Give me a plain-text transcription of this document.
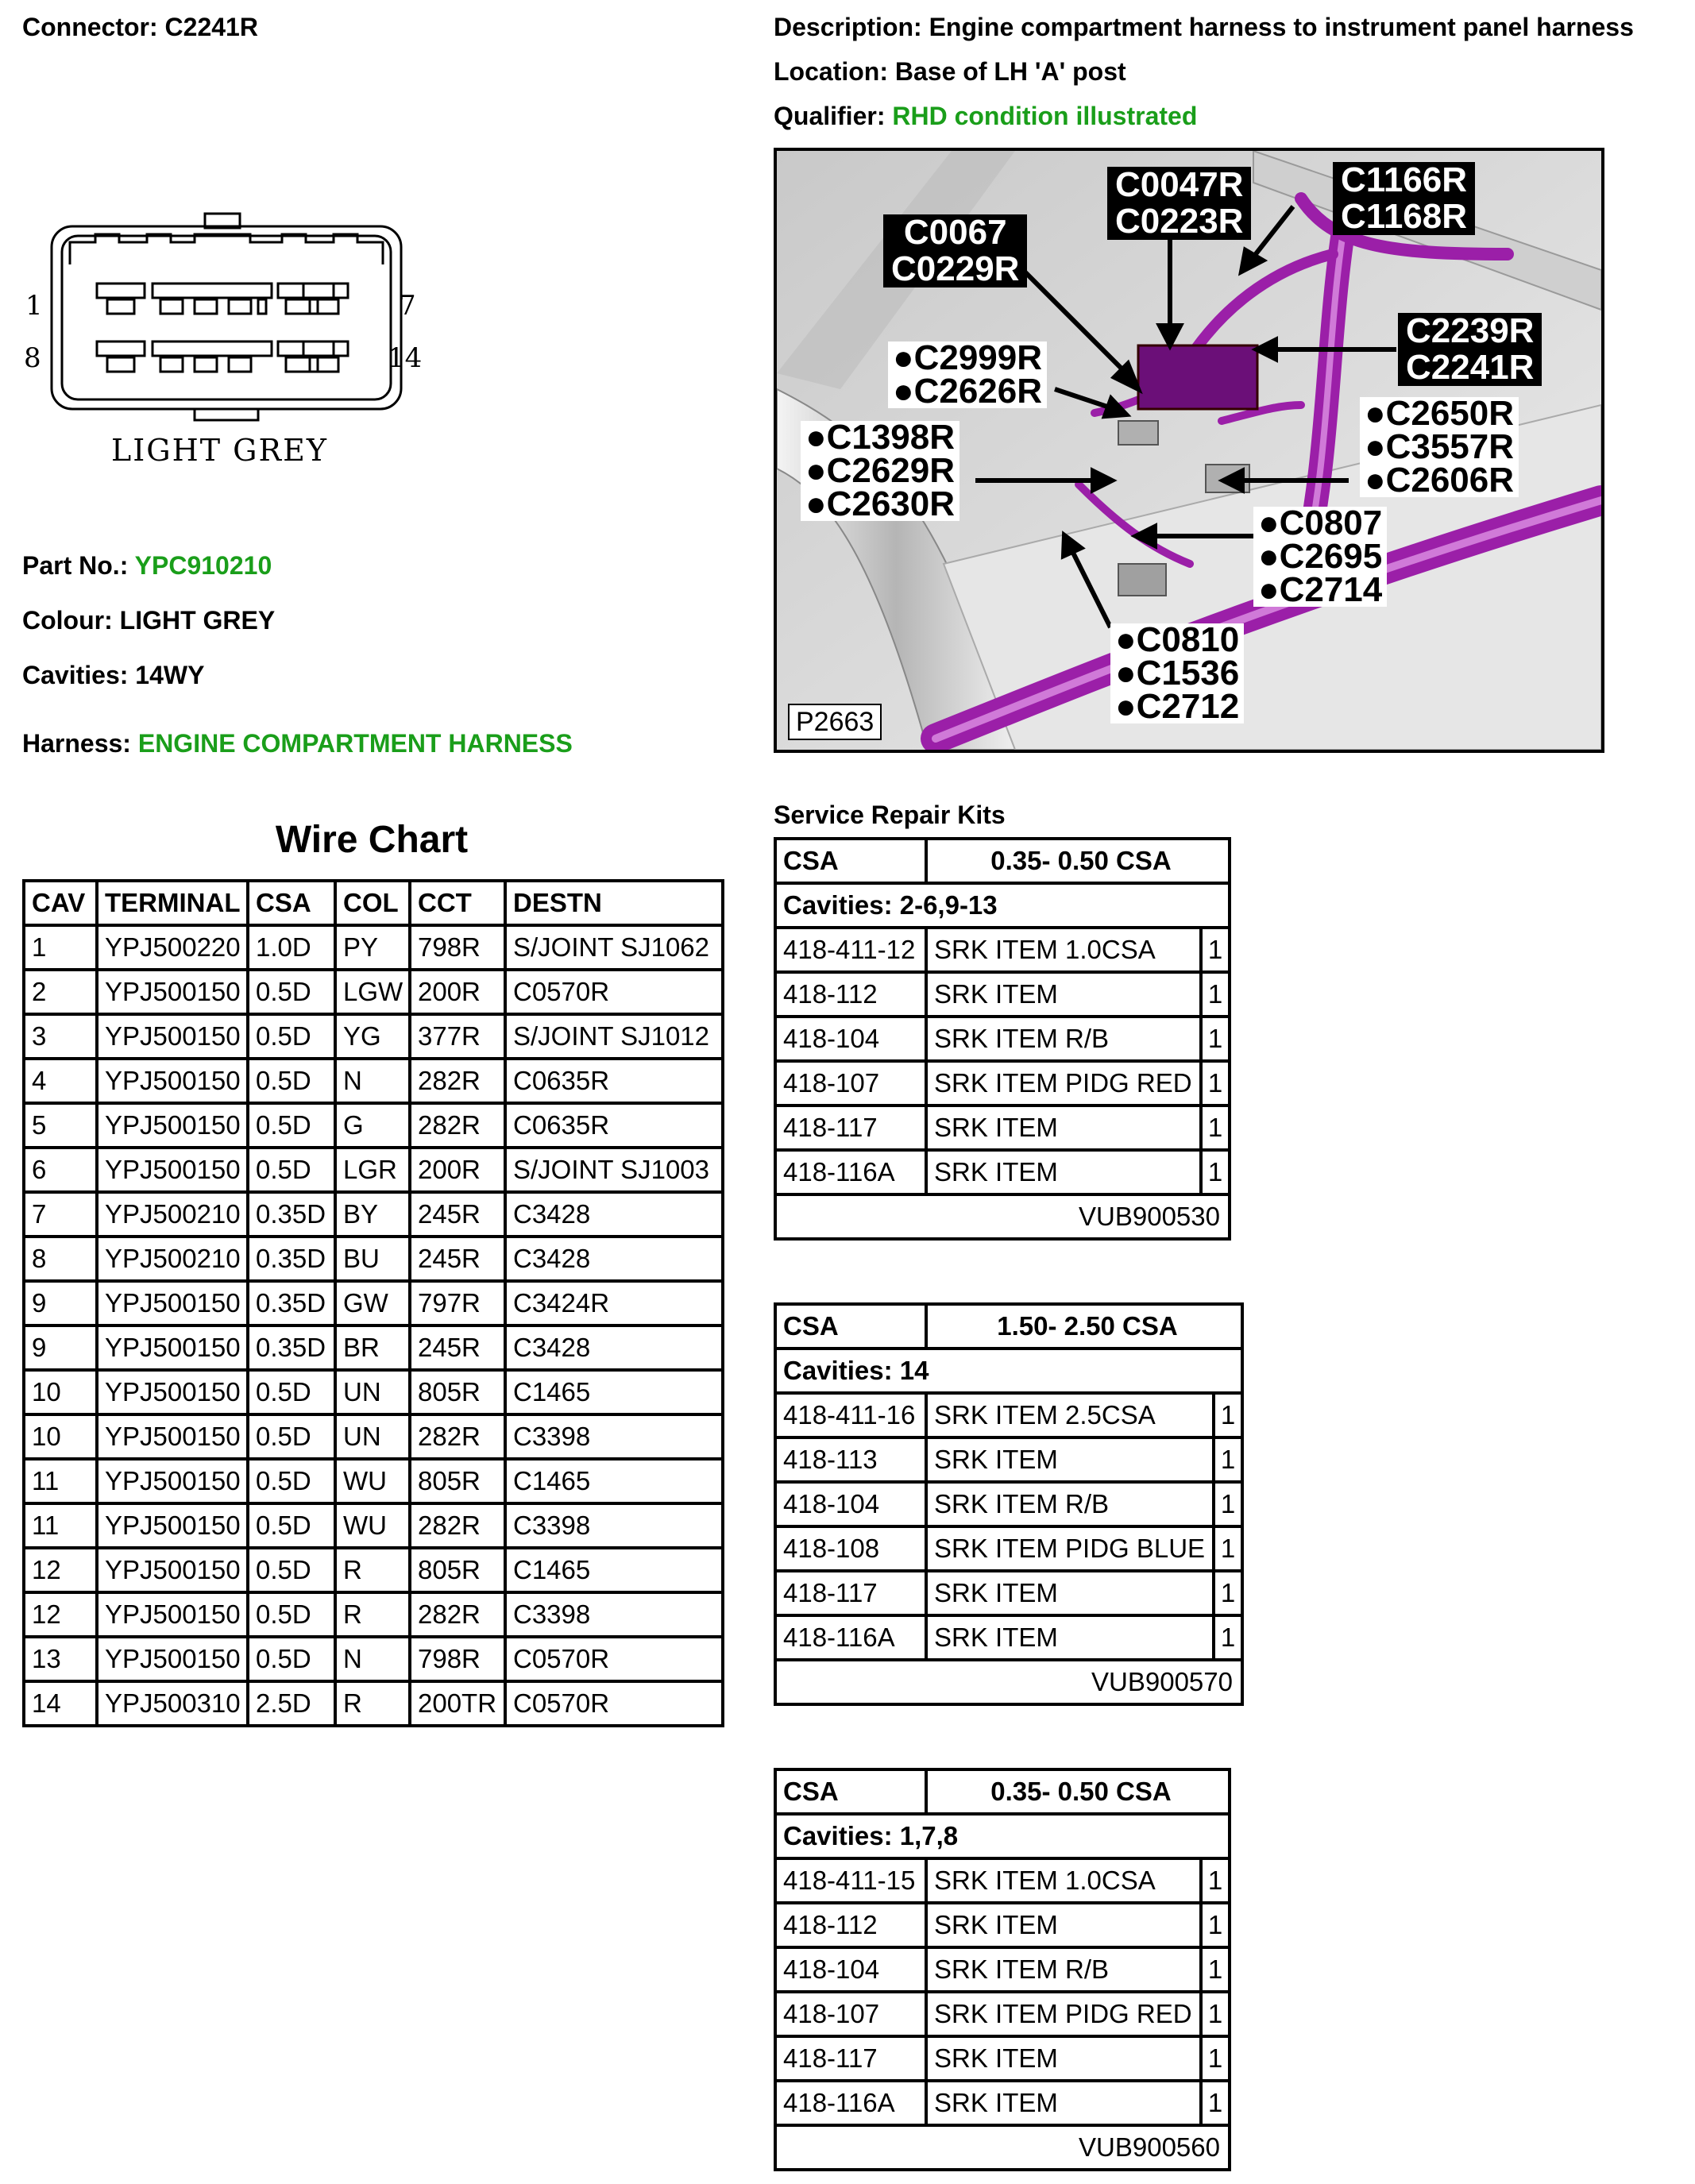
Connector: C2241R	Description: Engine compartment harness to instrument panel harness
Location: Base of LH 'A' post
Qualifier: RHD condition illustrated
1	7
8	14
LIGHT GREY
Part No.: YPC910210
Colour: LIGHT GREY
Cavities: 14WY
Harness: ENGINE COMPARTMENT HARNESS
C0047R
C0223R
C1166R
C1168R
C0067
C0229R
C2239R
C2241R
●C2999R
●C2626R
●C2650R
●C3557R
●C2606R
●C1398R
●C2629R
●C2630R	●C0807
●C2695
●C2714
●C0810
●C1536
●C2712
P2663
Wire Chart
CAV	TERMINAL	CSA	COL	CCT	DESTN
1	YPJ500220	1.0D	PY	798R	S/JOINT SJ1062
2	YPJ500150	0.5D	LGW	200R	C0570R
3	YPJ500150	0.5D	YG	377R	S/JOINT SJ1012
4	YPJ500150	0.5D	N	282R	C0635R
5	YPJ500150	0.5D	G	282R	C0635R
6	YPJ500150	0.5D	LGR	200R	S/JOINT SJ1003
7	YPJ500210	0.35D	BY	245R	C3428
8	YPJ500210	0.35D	BU	245R	C3428
9	YPJ500150	0.35D	GW	797R	C3424R
9	YPJ500150	0.35D	BR	245R	C3428
10	YPJ500150	0.5D	UN	805R	C1465
10	YPJ500150	0.5D	UN	282R	C3398
11	YPJ500150	0.5D	WU	805R	C1465
11	YPJ500150	0.5D	WU	282R	C3398
12	YPJ500150	0.5D	R	805R	C1465
12	YPJ500150	0.5D	R	282R	C3398
13	YPJ500150	0.5D	N	798R	C0570R
14	YPJ500310	2.5D	R	200TR	C0570R
Service Repair Kits
CSA	0.35- 0.50 CSA	
Cavities: 2-6,9-13		
418-411-12	SRK ITEM 1.0CSA	1
418-112	SRK ITEM	1
418-104	SRK ITEM R/B	1
418-107	SRK ITEM PIDG RED	1
418-117	SRK ITEM	1
418-116A	SRK ITEM	1
VUB900530		
CSA	1.50- 2.50 CSA	
Cavities: 14		
418-411-16	SRK ITEM 2.5CSA	1
418-113	SRK ITEM	1
418-104	SRK ITEM R/B	1
418-108	SRK ITEM PIDG BLUE	1
418-117	SRK ITEM	1
418-116A	SRK ITEM	1
VUB900570		
CSA	0.35- 0.50 CSA	
Cavities: 1,7,8		
418-411-15	SRK ITEM 1.0CSA	1
418-112	SRK ITEM	1
418-104	SRK ITEM R/B	1
418-107	SRK ITEM PIDG RED	1
418-117	SRK ITEM	1
418-116A	SRK ITEM	1
VUB900560		
